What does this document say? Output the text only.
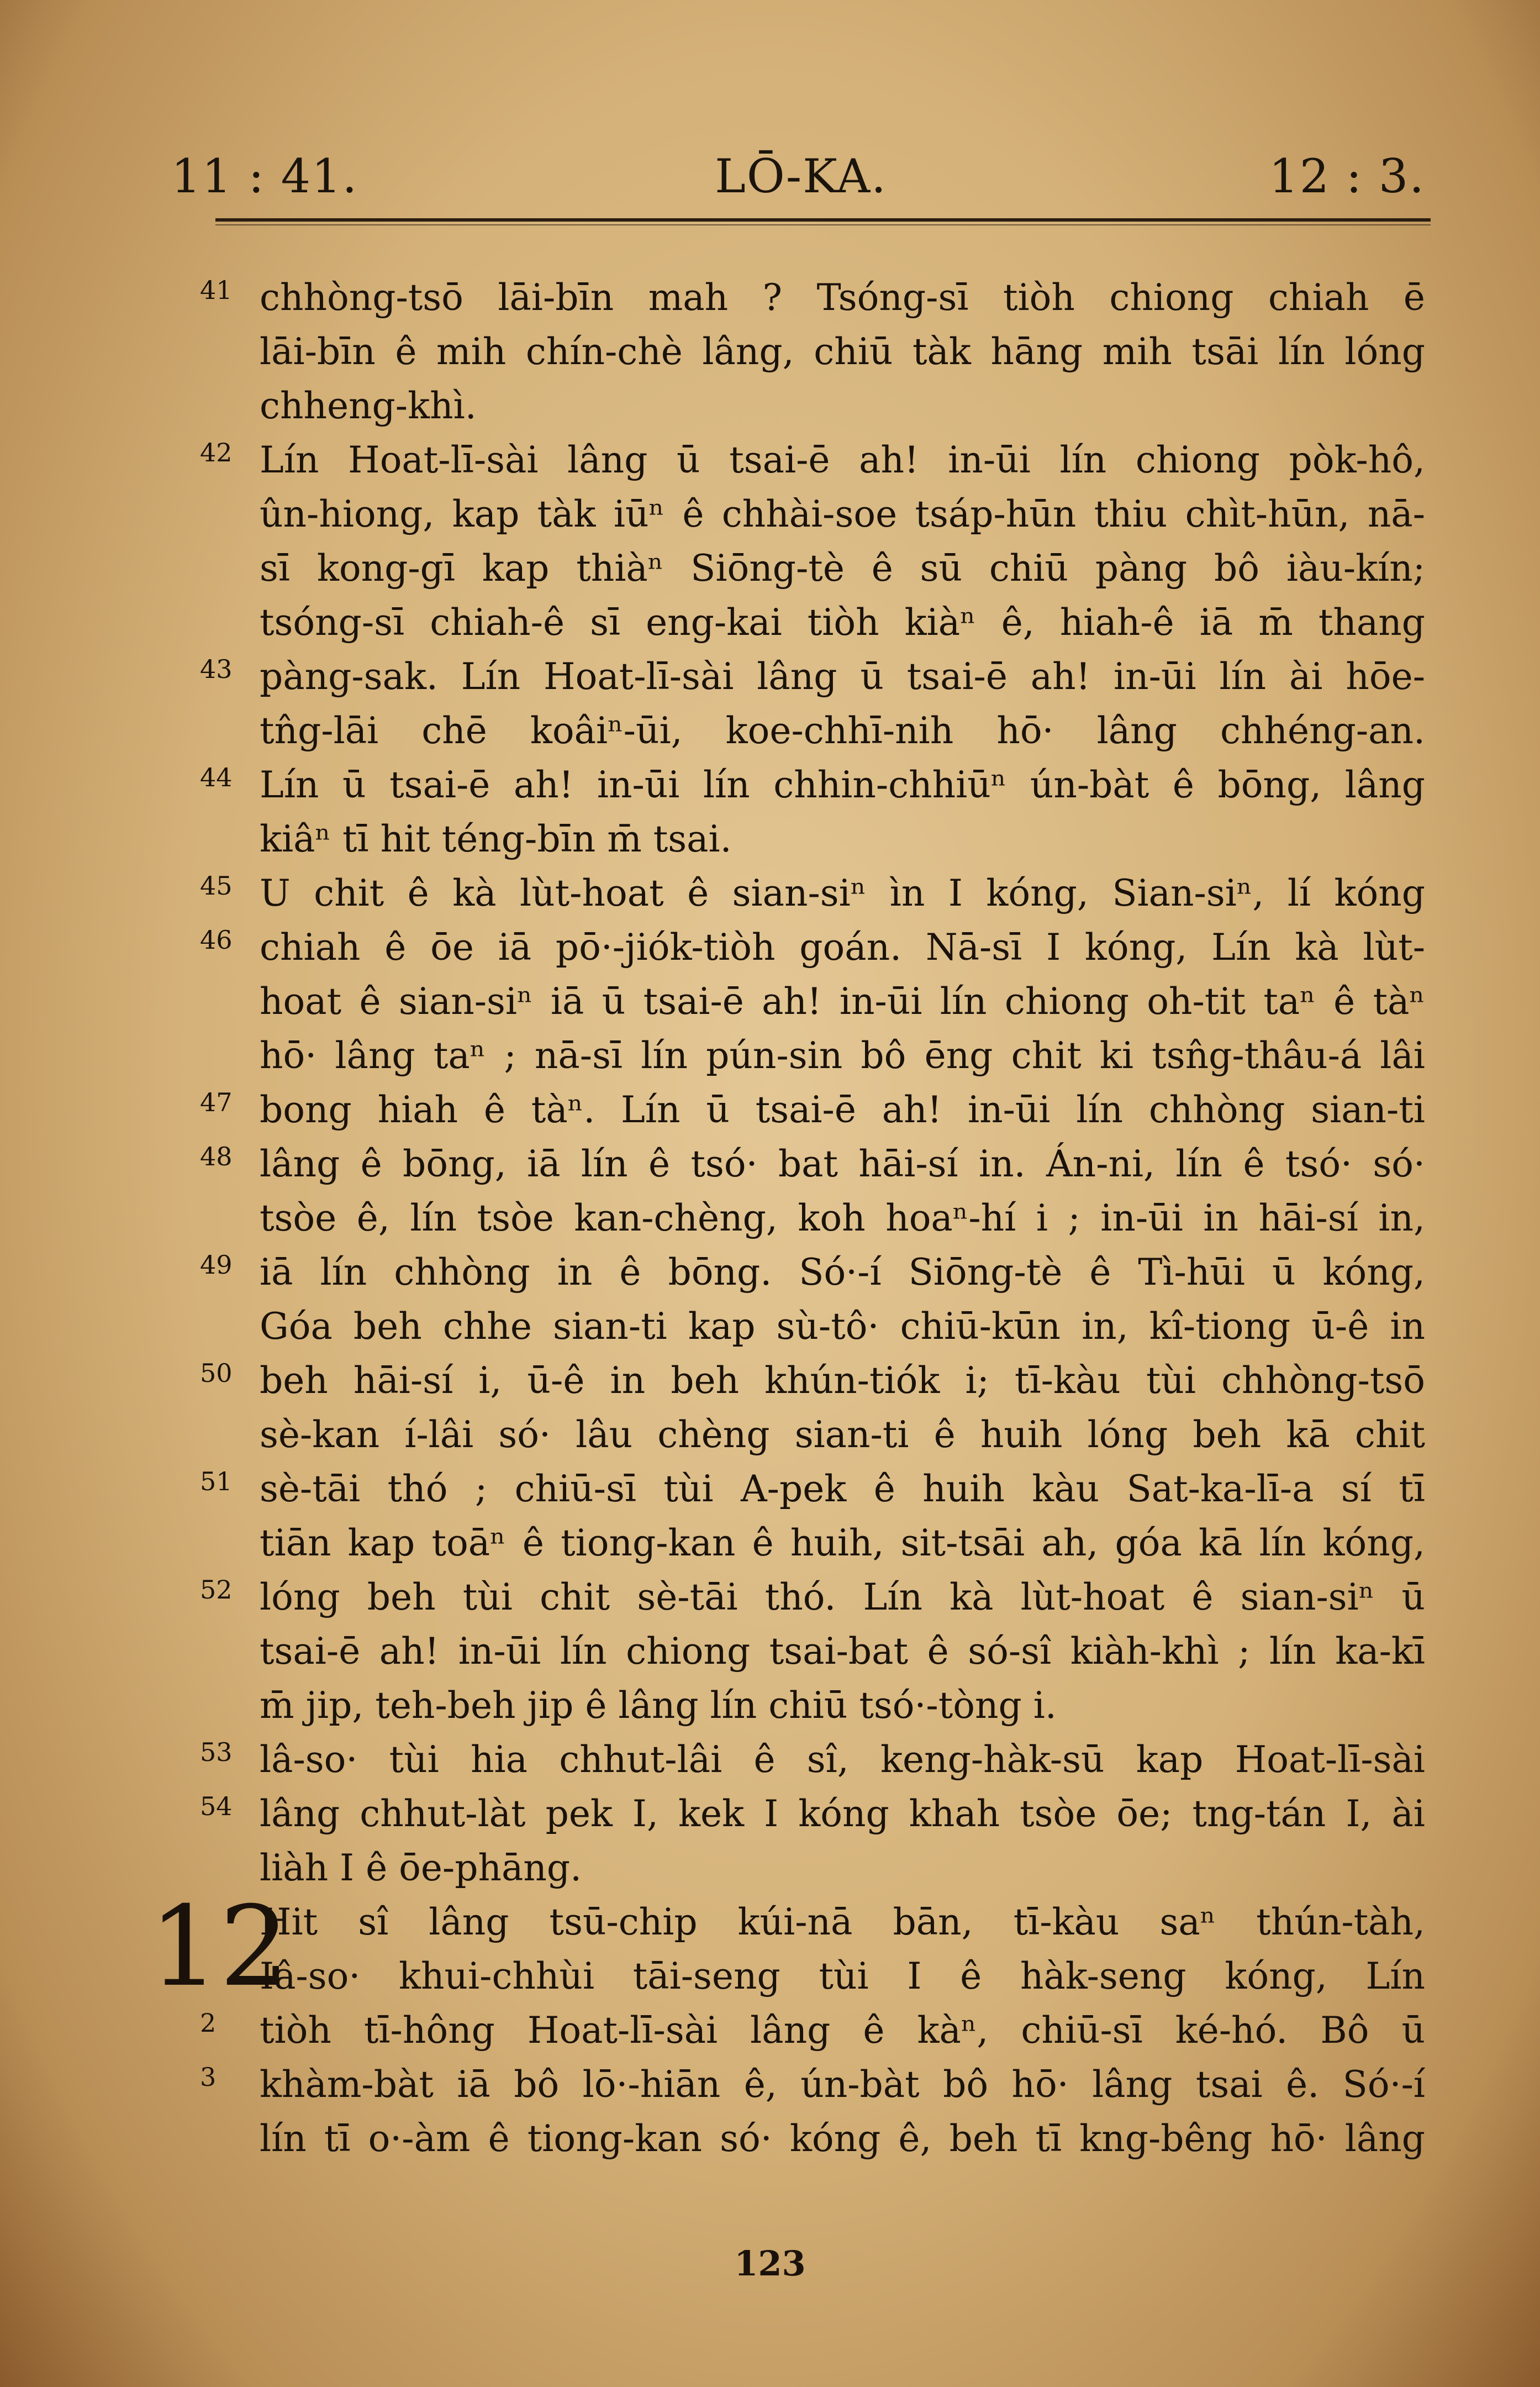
11 : 41.	LŌ-KA.	12 : 3.
41 chhòng-tsō lāi-bīn mah ? Tsóng-sī tiòh chiong chiah ē
lāi-bīn ê mih chín-chè lâng, chiū tàk hāng mih tsāi lín lóng
chheng-khì.
42 Lín Hoat-lī-sài lâng ū tsai-ē ah! in-ūi lín chiong pòk-hô,
ûn-hiong, kap tàk iūⁿ ê chhài-soe tsáp-hūn thiu chìt-hūn, nā-
sī kong-gī kap thiàⁿ Siōng-tè ê sū chiū pàng bô iàu-kín;
tsóng-sī chiah-ê sī eng-kai tiòh kiàⁿ ê, hiah-ê iā m̄ thang
43 pàng-sak. Lín Hoat-lī-sài lâng ū tsai-ē ah! in-ūi lín ài hōe-
tn̂g-lāi chē koâiⁿ-ūi, koe-chhī-nih hō· lâng chhéng-an.
44 Lín ū tsai-ē ah! in-ūi lín chhin-chhiūⁿ ún-bàt ê bōng, lâng
kiâⁿ tī hit téng-bīn m̄ tsai.
45 U chit ê kà lùt-hoat ê sian-siⁿ ìn I kóng, Sian-siⁿ, lí kóng
46 chiah ê ōe iā pō·-jiók-tiòh goán. Nā-sī I kóng, Lín kà lùt-
hoat ê sian-siⁿ iā ū tsai-ē ah! in-ūi lín chiong oh-tit taⁿ ê tàⁿ
hō· lâng taⁿ ; nā-sī lín pún-sin bô ēng chit ki tsn̂g-thâu-á lâi
47 bong hiah ê tàⁿ. Lín ū tsai-ē ah! in-ūi lín chhòng sian-ti
48 lâng ê bōng, iā lín ê tsó· bat hāi-sí in. Án-ni, lín ê tsó· só·
tsòe ê, lín tsòe kan-chèng, koh hoaⁿ-hí i ; in-ūi in hāi-sí in,
49 iā lín chhòng in ê bōng. Só·-í Siōng-tè ê Tì-hūi ū kóng,
Góa beh chhe sian-ti kap sù-tô· chiū-kūn in, kî-tiong ū-ê in
50 beh hāi-sí i, ū-ê in beh khún-tiók i; tī-kàu tùi chhòng-tsō
sè-kan í-lâi só· lâu chèng sian-ti ê huih lóng beh kā chit
51 sè-tāi thó ; chiū-sī tùi A-pek ê huih kàu Sat-ka-lī-a sí tī
tiān kap toāⁿ ê tiong-kan ê huih, sit-tsāi ah, góa kā lín kóng,
52 lóng beh tùi chit sè-tāi thó. Lín kà lùt-hoat ê sian-siⁿ ū
tsai-ē ah! in-ūi lín chiong tsai-bat ê só-sî kiàh-khì ; lín ka-kī
m̄ jip, teh-beh jip ê lâng lín chiū tsó·-tòng i.
53 lâ-so· tùi hia chhut-lâi ê sî, keng-hàk-sū kap Hoat-lī-sài
54 lâng chhut-làt pek I, kek I kóng khah tsòe ōe; tng-tán I, ài
liàh I ê ōe-phāng.
12
Hit sî lâng tsū-chip kúi-nā bān, tī-kàu saⁿ thún-tàh,
Iâ-so· khui-chhùi tāi-seng tùi I ê hàk-seng kóng, Lín
2	tiòh tī-hông Hoat-lī-sài lâng ê kàⁿ, chiū-sī ké-hó. Bô ū
3	khàm-bàt iā bô lō·-hiān ê, ún-bàt bô hō· lâng tsai ê. Só·-í
lín tī o·-àm ê tiong-kan só· kóng ê, beh tī kng-bêng hō· lâng
123
